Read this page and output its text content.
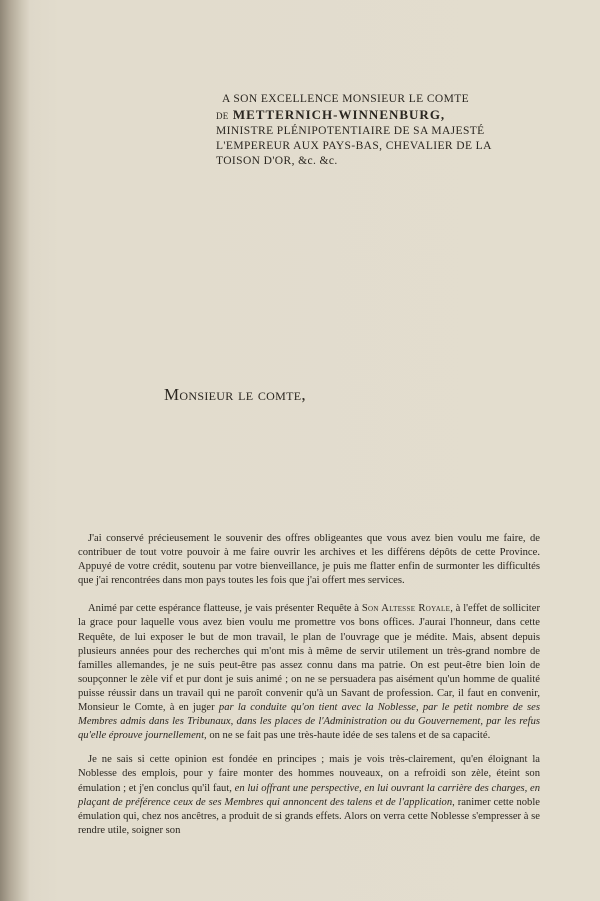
A SON EXCELLENCE MONSIEUR LE COMTE
DE METTERNICH-WINNENBURG,
MINISTRE PLÉNIPOTENTIAIRE DE SA MAJESTÉ
L'EMPEREUR AUX PAYS-BAS, CHEVALIER DE LA
TOISON D'OR, &c. &c.
Monsieur le comte,

J'ai conservé précieusement le souvenir des offres obligeantes que vous avez bien voulu me faire, de contribuer de tout votre pouvoir à me faire ouvrir les archives et les différens dépôts de cette Province. Appuyé de votre crédit, soutenu par votre bienveillance, je puis me flatter enfin de surmonter les difficultés que j'ai rencontrées dans mon pays toutes les fois que j'ai offert mes services.

Animé par cette espérance flatteuse, je vais présenter Requête à Son Altesse Royale, à l'effet de solliciter la grace pour laquelle vous avez bien voulu me promettre vos bons offices. J'aurai l'honneur, dans cette Requête, de lui exposer le but de mon travail, le plan de l'ouvrage que je médite. Mais, absent depuis plusieurs années pour des recherches qui m'ont mis à même de servir utilement un très-grand nombre de familles allemandes, je ne suis peut-être pas assez connu dans ma patrie. On est peut-être bien loin de soupçonner le zèle vif et pur dont je suis animé ; on ne se persuadera pas aisément qu'un homme de qualité puisse réussir dans un travail qui ne paroît convenir qu'à un Savant de profession. Car, il faut en convenir, Monsieur le Comte, à en juger par la conduite qu'on tient avec la Noblesse, par le petit nombre de ses Membres admis dans les Tribunaux, dans les places de l'Administration ou du Gouvernement, par les refus qu'elle éprouve journellement, on ne se fait pas une très-haute idée de ses talens et de sa capacité.

Je ne sais si cette opinion est fondée en principes ; mais je vois très-clairement, qu'en éloignant la Noblesse des emplois, pour y faire monter des hommes nouveaux, on a refroidi son zèle, éteint son émulation ; et j'en conclus qu'il faut, en lui offrant une perspective, en lui ouvrant la carrière des charges, en plaçant de préférence ceux de ses Membres qui annoncent des talens et de l'application, ranimer cette noble émulation qui, chez nos ancêtres, a produit de si grands effets. Alors on verra cette Noblesse s'empresser à se rendre utile, soigner son
